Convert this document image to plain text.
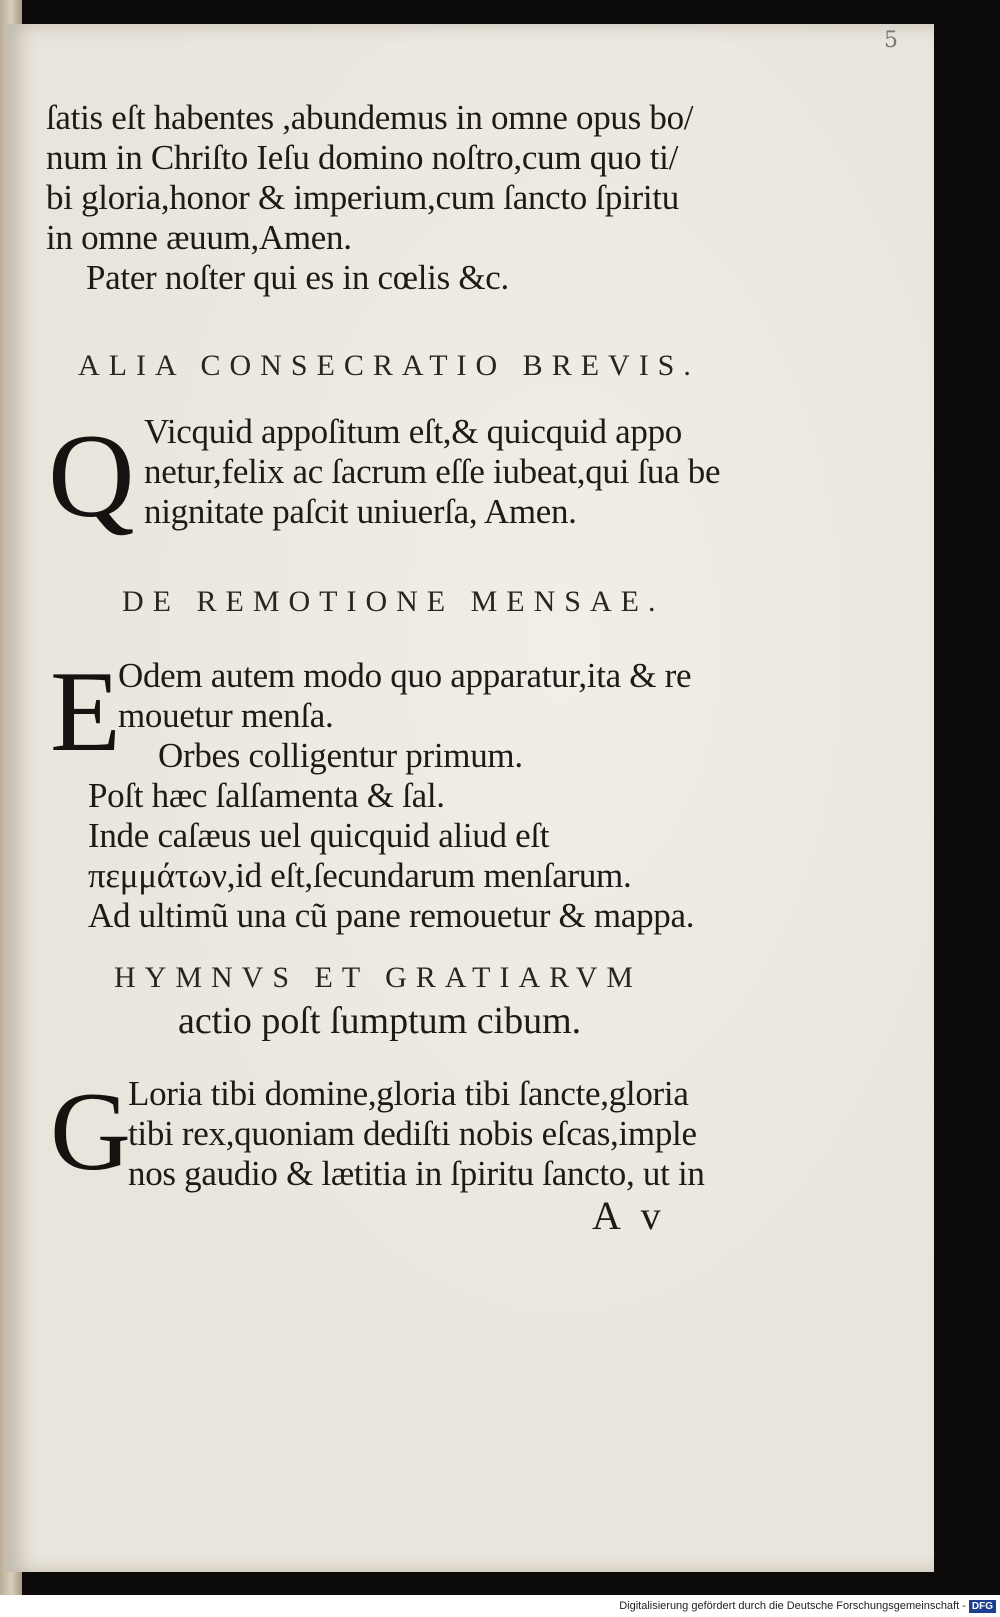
5

ſatis eſt habentes ,abundemus in omne opus bo/

num in Chriſto Ieſu domino noſtro,cum quo ti/

bi gloria,honor & imperium,cum ſancto ſpiritu

in omne æuum,Amen.

Pater noſter qui es in cœlis &c.

ALIA CONSECRATIO BREVIS.

Q Vicquid appoſitum eſt,& quicquid appo

netur,felix ac ſacrum eſſe iubeat,qui ſua be

nignitate paſcit uniuerſa, Amen.

DE REMOTIONE MENSAE.

E

Odem autem modo quo apparatur,ita & re

mouetur menſa.

Orbes colligentur primum.

Poſt hæc ſalſamenta & ſal.

Inde caſæus uel quicquid aliud eſt

πεμμάτων,id eſt,ſecundarum menſarum.

Ad ultimũ una cũ pane remouetur & mappa.

HYMNVS ET GRATIARVM

actio poſt ſumptum cibum.

G

Loria tibi domine,gloria tibi ſancte,gloria

tibi rex,quoniam dediſti nobis eſcas,imple

nos gaudio & lætitia in ſpiritu ſancto, ut in

A v

Digitalisierung gefördert durch die Deutsche Forschungsgemeinschaft - DFG
